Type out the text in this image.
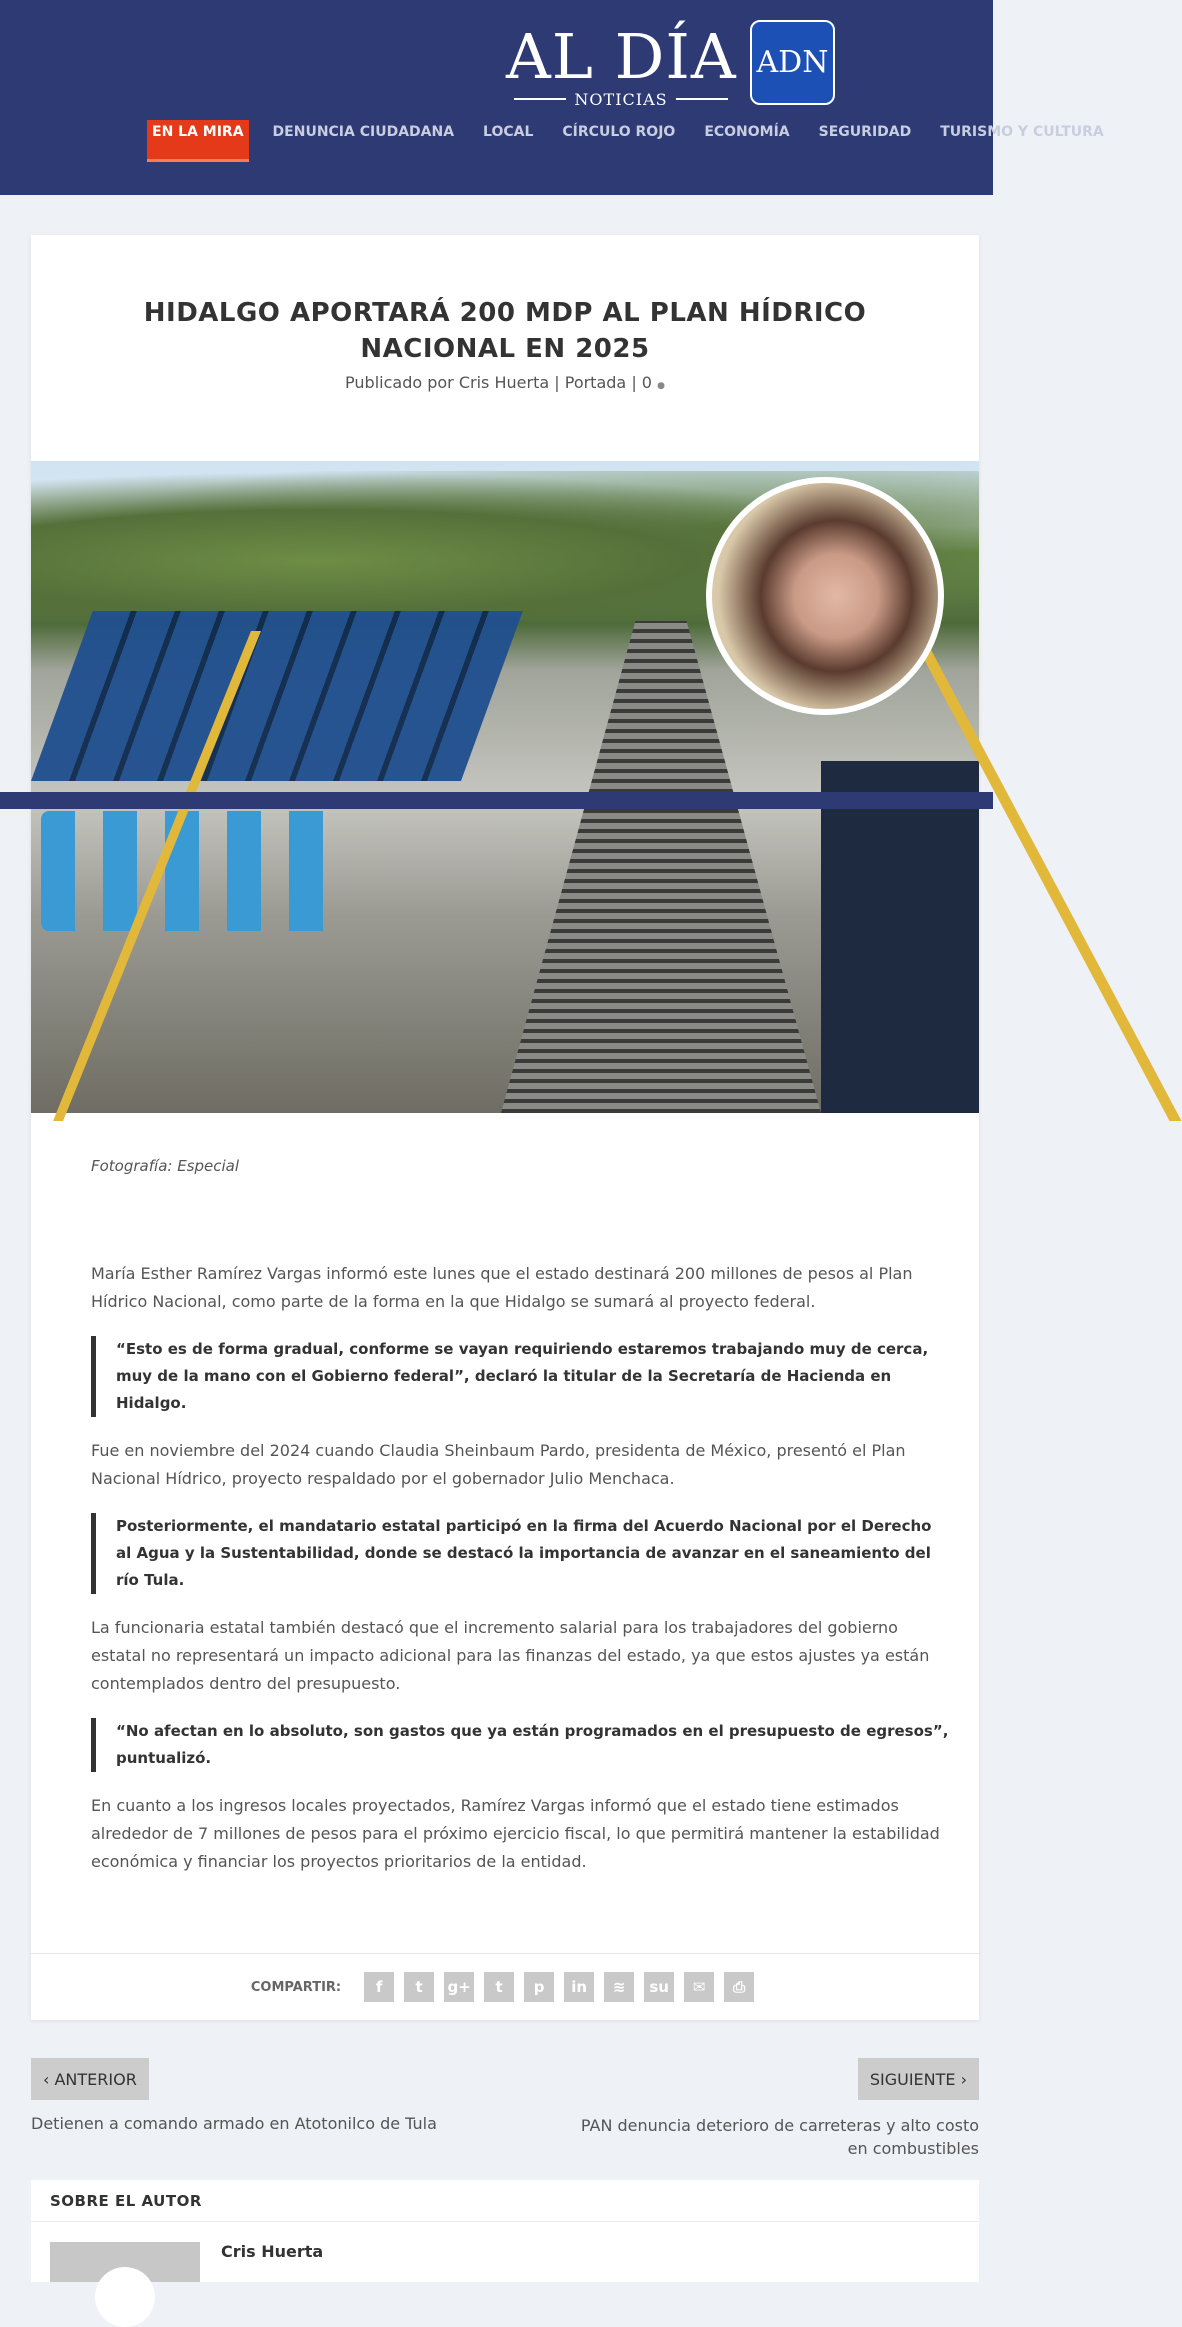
AL DÍA
NOTICIAS
ADN
EN LA MIRA	DENUNCIA CIUDADANA	LOCAL	CÍRCULO ROJO	ECONOMÍA	SEGURIDAD	TURISMO Y CULTURA
HIDALGO APORTARÁ 200 MDP AL PLAN HÍDRICO NACIONAL EN 2025
Publicado por Cris Huerta | Portada | 0 ●
Fotografía: Especial

María Esther Ramírez Vargas informó este lunes que el estado destinará 200 millones de pesos al Plan Hídrico Nacional, como parte de la forma en la que Hidalgo se sumará al proyecto federal.

“Esto es de forma gradual, conforme se vayan requiriendo estaremos trabajando muy de cerca, muy de la mano con el Gobierno federal”, declaró la titular de la Secretaría de Hacienda en Hidalgo.

Fue en noviembre del 2024 cuando Claudia Sheinbaum Pardo, presidenta de México, presentó el Plan Nacional Hídrico, proyecto respaldado por el gobernador Julio Menchaca.

Posteriormente, el mandatario estatal participó en la firma del Acuerdo Nacional por el Derecho al Agua y la Sustentabilidad, donde se destacó la importancia de avanzar en el saneamiento del río Tula.

La funcionaria estatal también destacó que el incremento salarial para los trabajadores del gobierno estatal no representará un impacto adicional para las finanzas del estado, ya que estos ajustes ya están contemplados dentro del presupuesto.

“No afectan en lo absoluto, son gastos que ya están programados en el presupuesto de egresos”, puntualizó.

En cuanto a los ingresos locales proyectados, Ramírez Vargas informó que el estado tiene estimados alrededor de 7 millones de pesos para el próximo ejercicio fiscal, lo que permitirá mantener la estabilidad económica y financiar los proyectos prioritarios de la entidad.

COMPARTIR:	f	t	g+	t	p	in	≋	su	✉	⎙
‹ ANTERIOR	SIGUIENTE ›
Detienen a comando armado en Atotonilco de Tula	PAN denuncia deterioro de carreteras y alto costo en combustibles
SOBRE EL AUTOR
Cris Huerta
